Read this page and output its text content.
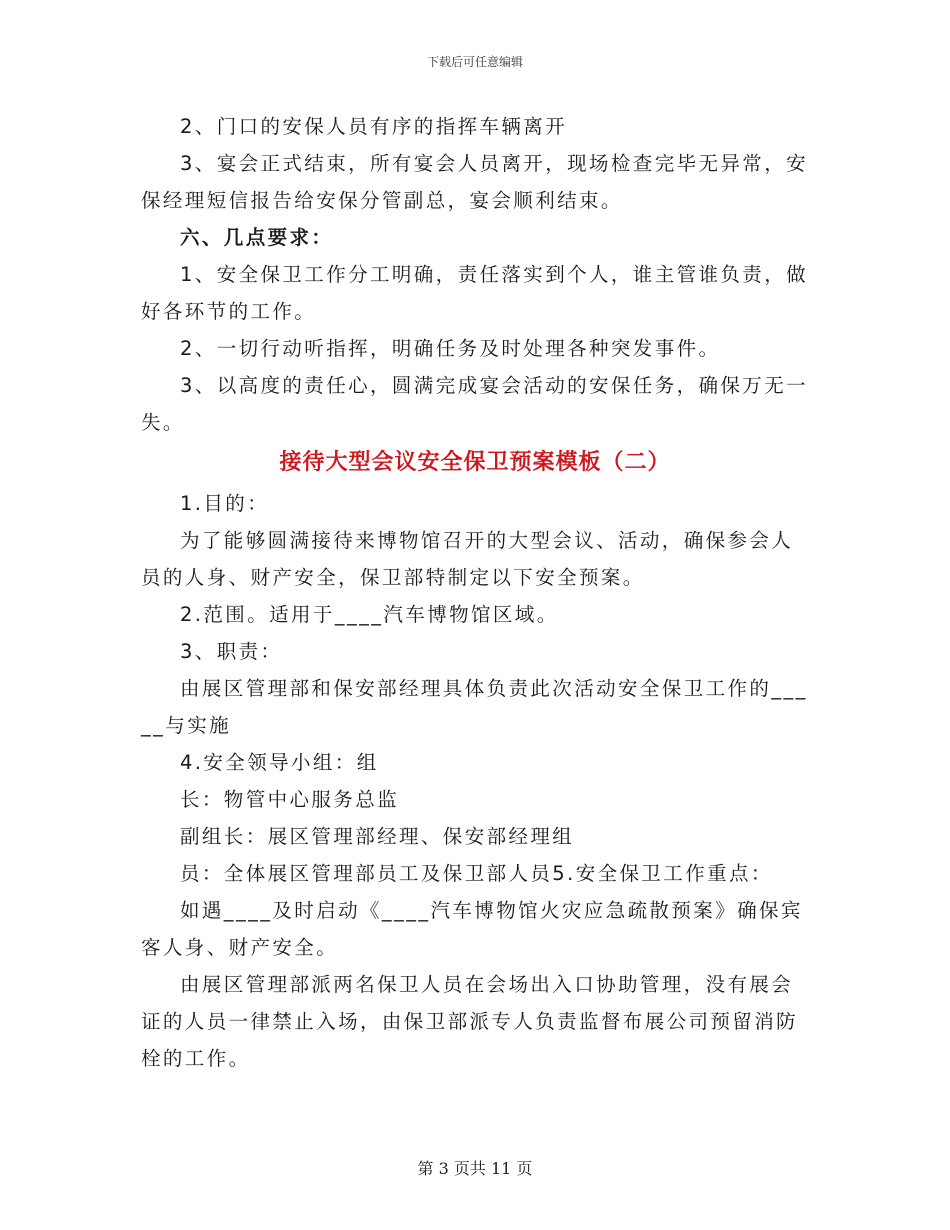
下载后可任意编辑

2、门口的安保人员有序的指挥车辆离开

3、宴会正式结束，所有宴会人员离开，现场检查完毕无异常，安保经理短信报告给安保分管副总，宴会顺利结束。

六、几点要求：

1、安全保卫工作分工明确，责任落实到个人，谁主管谁负责，做好各环节的工作。

2、一切行动听指挥，明确任务及时处理各种突发事件。

3、以高度的责任心，圆满完成宴会活动的安保任务，确保万无一失。

接待大型会议安全保卫预案模板（二）

1.目的：

为了能够圆满接待来博物馆召开的大型会议、活动，确保参会人员的人身、财产安全，保卫部特制定以下安全预案。

2.范围。适用于____汽车博物馆区域。

3、职责：

由展区管理部和保安部经理具体负责此次活动安全保卫工作的_____与实施

4.安全领导小组：组

长：物管中心服务总监

副组长：展区管理部经理、保安部经理组

员：全体展区管理部员工及保卫部人员5.安全保卫工作重点：

如遇____及时启动《____汽车博物馆火灾应急疏散预案》确保宾客人身、财产安全。

由展区管理部派两名保卫人员在会场出入口协助管理，没有展会证的人员一律禁止入场，由保卫部派专人负责监督布展公司预留消防栓的工作。

第 3 页共 11 页
